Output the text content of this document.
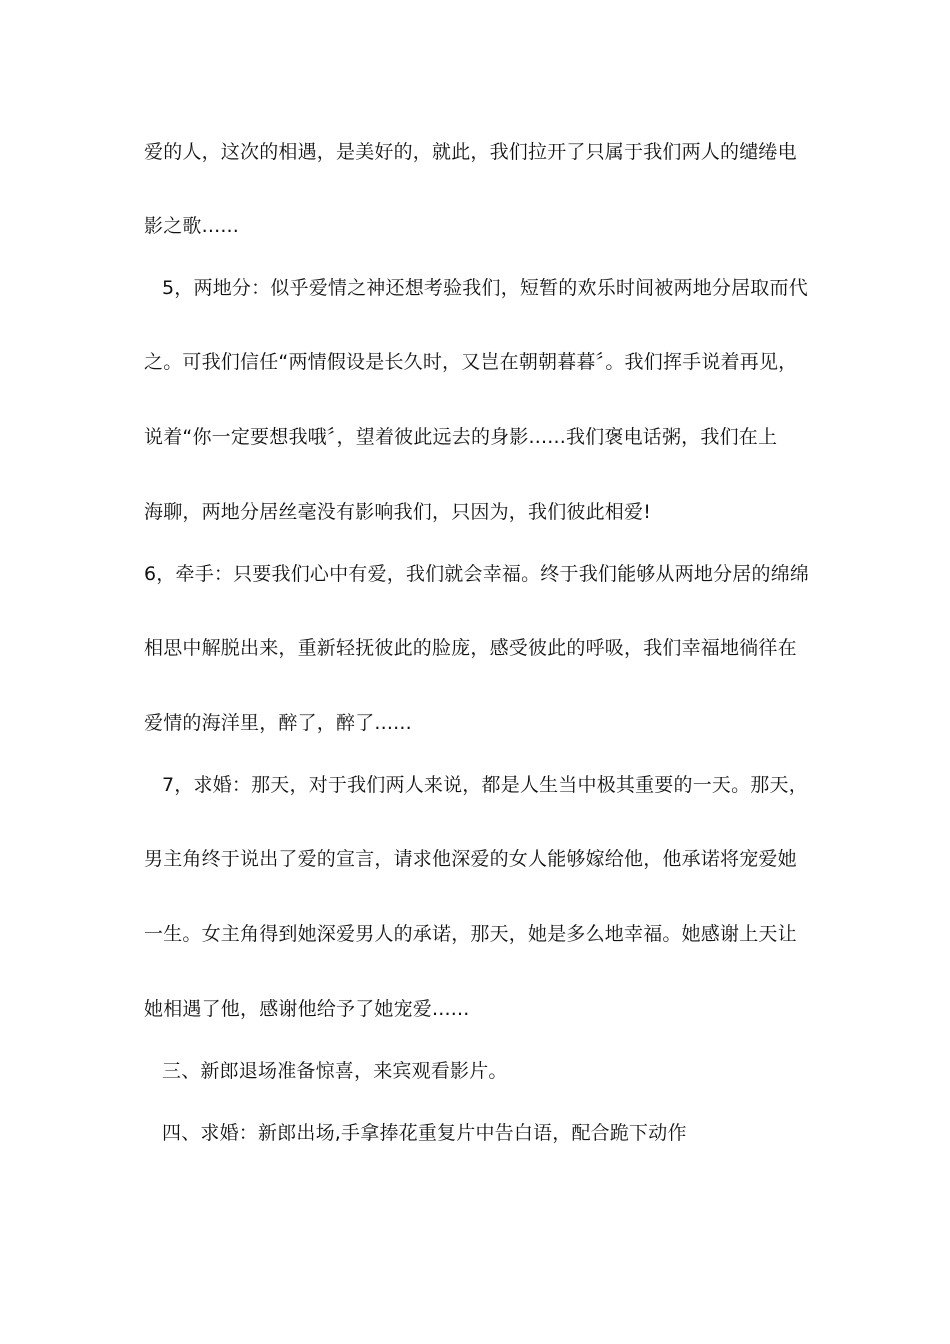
爱的人，这次的相遇，是美好的，就此，我们拉开了只属于我们两人的缱绻电
影之歌......
5，两地分：似乎爱情之神还想考验我们，短暂的欢乐时间被两地分居取而代
之。可我们信任“两情假设是长久时，又岂在朝朝暮暮〞。我们挥手说着再见，
说着“你一定要想我哦〞，望着彼此远去的身影......我们褒电话粥，我们在上
海聊，两地分居丝毫没有影响我们，只因为，我们彼此相爱!
6，牵手：只要我们心中有爱，我们就会幸福。终于我们能够从两地分居的绵绵
相思中解脱出来，重新轻抚彼此的脸庞，感受彼此的呼吸，我们幸福地徜徉在
爱情的海洋里，醉了，醉了......
7，求婚：那天，对于我们两人来说，都是人生当中极其重要的一天。那天，
男主角终于说出了爱的宣言，请求他深爱的女人能够嫁给他，他承诺将宠爱她
一生。女主角得到她深爱男人的承诺，那天，她是多么地幸福。她感谢上天让
她相遇了他，感谢他给予了她宠爱......
三、新郎退场准备惊喜，来宾观看影片。
四、求婚：新郎出场,手拿捧花重复片中告白语，配合跪下动作
